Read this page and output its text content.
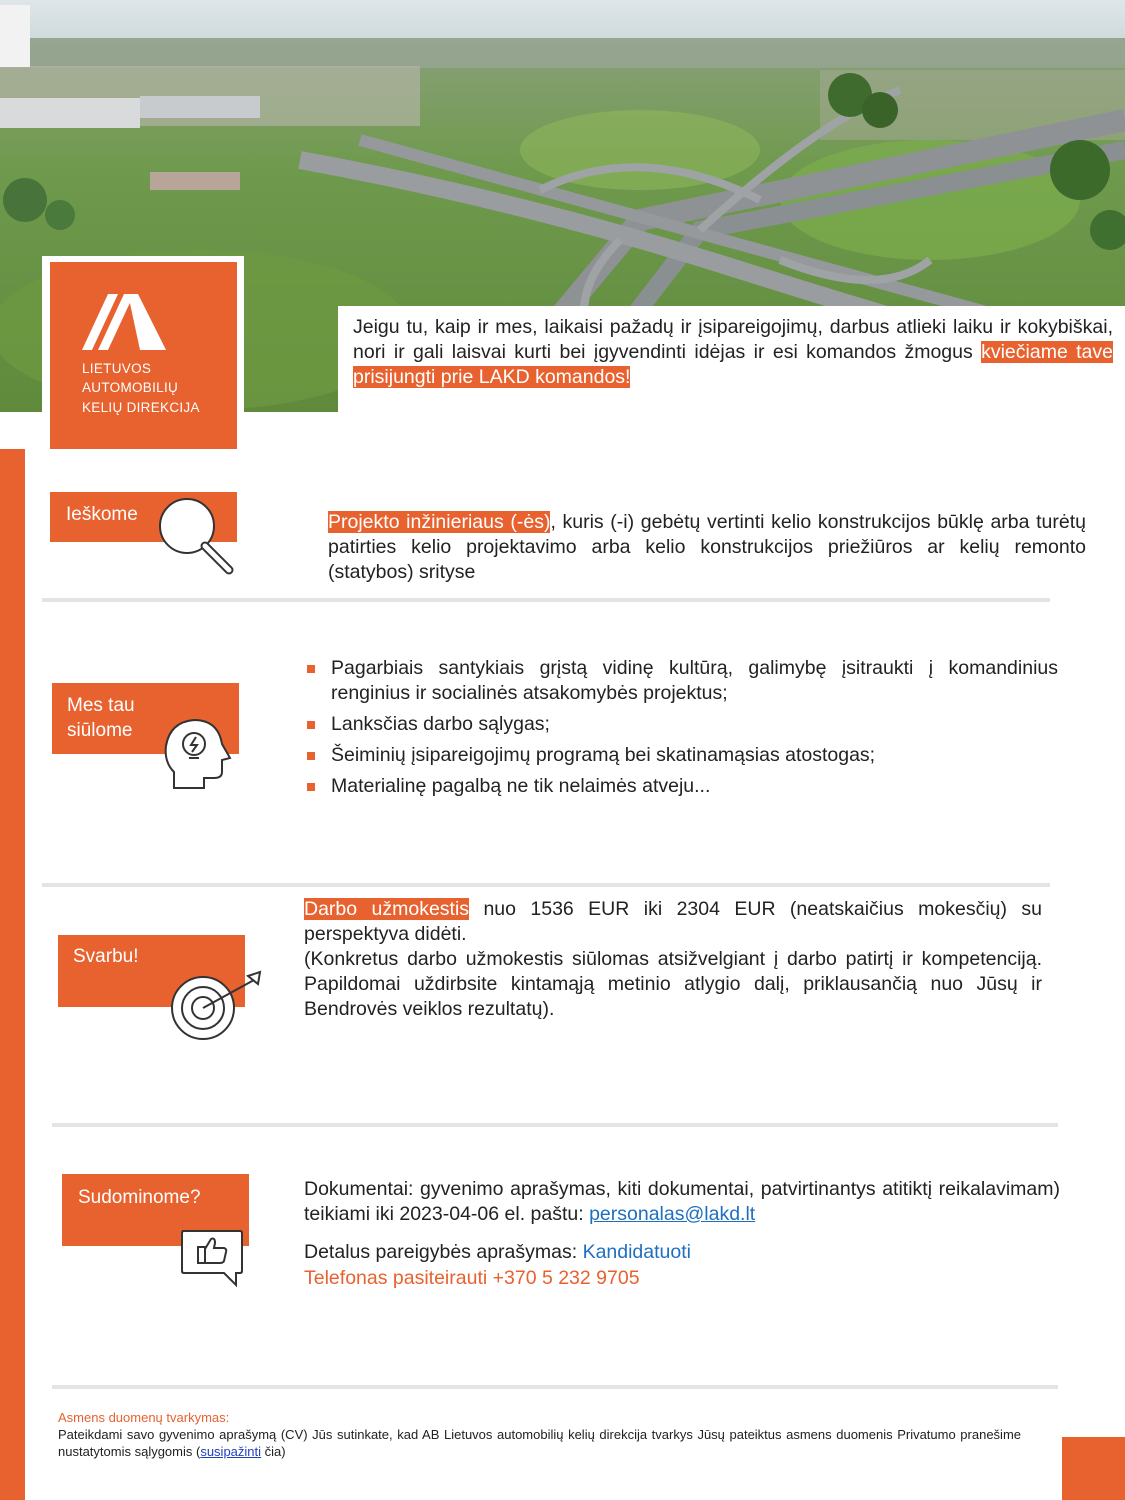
LIETUVOS
AUTOMOBILIŲ
KELIŲ DIREKCIJA
Jeigu tu, kaip ir mes, laikaisi pažadų ir įsipareigojimų, darbus atlieki laiku ir kokybiškai, nori ir gali laisvai kurti bei įgyvendinti idėjas ir esi komandos žmogus kviečiame tave prisijungti prie LAKD komandos!
Ieškome	Projekto inžinieriaus (-ės), kuris (-i) gebėtų vertinti kelio konstrukcijos būklę arba turėtų patirties kelio projektavimo arba kelio konstrukcijos priežiūros ar kelių remonto (statybos) srityse
Mes tau siūlome
Pagarbiais santykiais grįstą vidinę kultūrą, galimybę įsitraukti į komandinius renginius ir socialinės atsakomybės projektus;
Lanksčias darbo sąlygas;
Šeiminių įsipareigojimų programą bei skatinamąsias atostogas;
Materialinę pagalbą ne tik nelaimės atveju...
Svarbu!
Darbo užmokestis nuo 1536 EUR iki 2304 EUR (neatskaičius mokesčių) su perspektyva didėti.
(Konkretus darbo užmokestis siūlomas atsižvelgiant į darbo patirtį ir kompetenciją. Papildomai uždirbsite kintamąją metinio atlygio dalį, priklausančią nuo Jūsų ir Bendrovės veiklos rezultatų).
Sudominome?	Dokumentai: gyvenimo aprašymas, kiti dokumentai, patvirtinantys atitiktį reikalavimam) teikiami iki 2023-04-06 el. paštu: personalas@lakd.lt
Detalus pareigybės aprašymas: Kandidatuoti
Telefonas pasiteirauti +370 5 232 9705
Asmens duomenų tvarkymas:
Pateikdami savo gyvenimo aprašymą (CV) Jūs sutinkate, kad AB Lietuvos automobilių kelių direkcija tvarkys Jūsų pateiktus asmens duomenis Privatumo pranešime nustatytomis sąlygomis (susipažinti čia)
